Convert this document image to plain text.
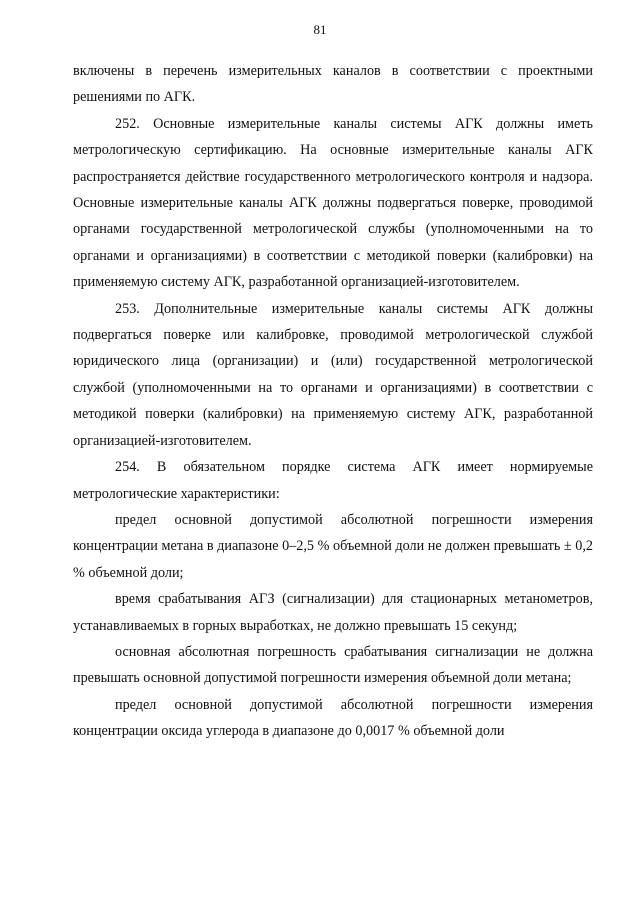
81

включены в перечень измерительных каналов в соответствии с проектными решениями по АГК.

252. Основные измерительные каналы системы АГК должны иметь метрологическую сертификацию. На основные измерительные каналы АГК распространяется действие государственного метрологического контроля и надзора. Основные измерительные каналы АГК должны подвергаться поверке, проводимой органами государственной метрологической службы (уполномоченными на то органами и организациями) в соответствии с методикой поверки (калибровки) на применяемую систему АГК, разработанной организацией-изготовителем.

253. Дополнительные измерительные каналы системы АГК должны подвергаться поверке или калибровке, проводимой метрологической службой юридического лица (организации) и (или) государственной метрологической службой (уполномоченными на то органами и организациями) в соответствии с методикой поверки (калибровки) на применяемую систему АГК, разработанной организацией-изготовителем.

254. В обязательном порядке система АГК имеет нормируемые метрологические характеристики:

предел основной допустимой абсолютной погрешности измерения концентрации метана в диапазоне 0–2,5 % объемной доли не должен превышать ± 0,2 % объемной доли;

время срабатывания АГЗ (сигнализации) для стационарных метанометров, устанавливаемых в горных выработках, не должно превышать 15 секунд;

основная абсолютная погрешность срабатывания сигнализации не должна превышать основной допустимой погрешности измерения объемной доли метана;

предел основной допустимой абсолютной погрешности измерения концентрации оксида углерода в диапазоне до 0,0017 % объемной доли
